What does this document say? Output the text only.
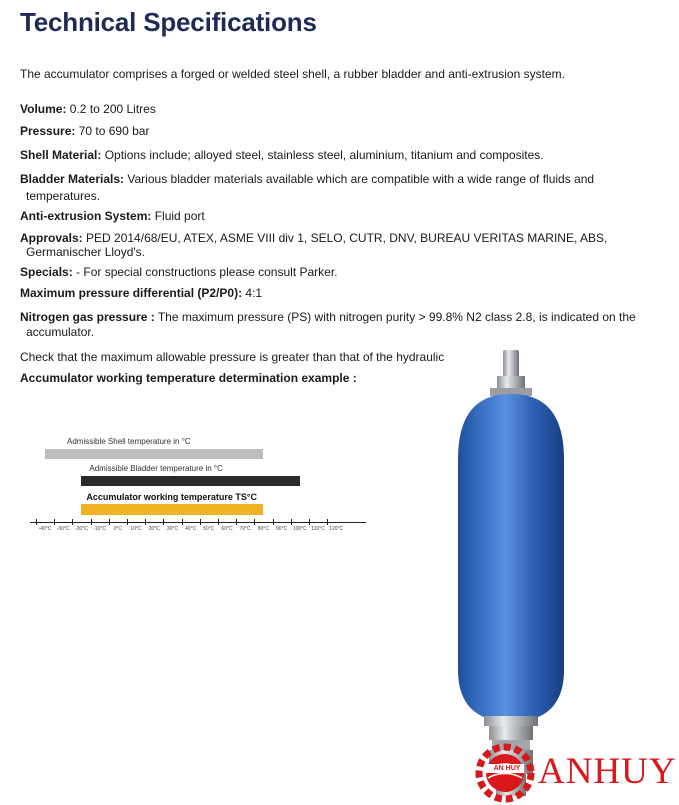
Technical Specifications
The accumulator comprises a forged or welded steel shell, a rubber bladder and anti-extrusion system.
Volume: 0.2 to 200 Litres
Pressure: 70 to 690 bar
Shell Material: Options include; alloyed steel, stainless steel, aluminium, titanium and composites.
Bladder Materials: Various bladder materials available which are compatible with a wide range of fluids and
temperatures.
Anti-extrusion System: Fluid port
Approvals: PED 2014/68/EU, ATEX, ASME VIII div 1, SELO, CUTR, DNV, BUREAU VERITAS MARINE, ABS,
Germanischer Lloyd's.
Specials: - For special constructions please consult Parker.
Maximum pressure differential (P2/P0): 4:1
Nitrogen gas pressure : The maximum pressure (PS) with nitrogen purity > 99.8% N2 class 2.8, is indicated on the
accumulator.
Check that the maximum allowable pressure is greater than that of the hydraulic
Accumulator working temperature determination example :
Admissible Shell temperature in °C
Admissible Bladder temperature in °C
Accumulator working temperature TS°C
-40°C -30°C -20°C -10°C 0°C 10°C 20°C 30°C 40°C 50°C 60°C 70°C 80°C 90°C 100°C 110°C 120°C
AN HUY ANHUY
